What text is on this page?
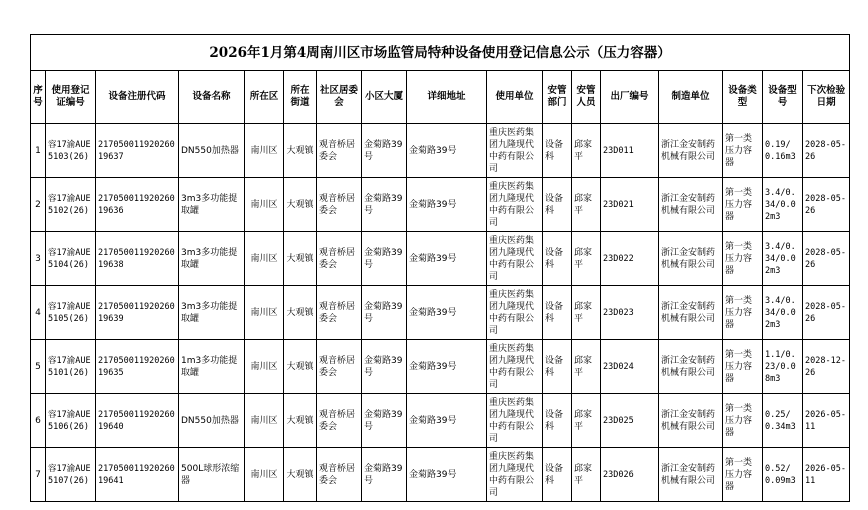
2026年1月第4周南川区市场监管局特种设备使用登记信息公示（压力容器）																
序号	使用登记证编号	设备注册代码	设备名称	所在区	所在街道	社区居委会	小区大厦	详细地址	使用单位	安管部门	安管人员	出厂编号	制造单位	设备类型	设备型号	下次检验日期
1	容17渝AUE5103(26)	21705001192026019637	DN550加热器	南川区	大观镇	观音桥居委会	金菊路39号	金菊路39号	重庆医药集团九隆现代中药有限公司	设备科	邱家平	23D011	浙江金安制药机械有限公司	第一类压力容器	0.19/0.16m3	2028-05-26
2	容17渝AUE5102(26)	21705001192026019636	3m3多功能提取罐	南川区	大观镇	观音桥居委会	金菊路39号	金菊路39号	重庆医药集团九隆现代中药有限公司	设备科	邱家平	23D021	浙江金安制药机械有限公司	第一类压力容器	3.4/0.34/0.02m3	2028-05-26
3	容17渝AUE5104(26)	21705001192026019638	3m3多功能提取罐	南川区	大观镇	观音桥居委会	金菊路39号	金菊路39号	重庆医药集团九隆现代中药有限公司	设备科	邱家平	23D022	浙江金安制药机械有限公司	第一类压力容器	3.4/0.34/0.02m3	2028-05-26
4	容17渝AUE5105(26)	21705001192026019639	3m3多功能提取罐	南川区	大观镇	观音桥居委会	金菊路39号	金菊路39号	重庆医药集团九隆现代中药有限公司	设备科	邱家平	23D023	浙江金安制药机械有限公司	第一类压力容器	3.4/0.34/0.02m3	2028-05-26
5	容17渝AUE5101(26)	21705001192026019635	1m3多功能提取罐	南川区	大观镇	观音桥居委会	金菊路39号	金菊路39号	重庆医药集团九隆现代中药有限公司	设备科	邱家平	23D024	浙江金安制药机械有限公司	第一类压力容器	1.1/0.23/0.08m3	2028-12-26
6	容17渝AUE5106(26)	21705001192026019640	DN550加热器	南川区	大观镇	观音桥居委会	金菊路39号	金菊路39号	重庆医药集团九隆现代中药有限公司	设备科	邱家平	23D025	浙江金安制药机械有限公司	第一类压力容器	0.25/0.34m3	2026-05-11
7	容17渝AUE5107(26)	21705001192026019641	500L球形浓缩器	南川区	大观镇	观音桥居委会	金菊路39号	金菊路39号	重庆医药集团九隆现代中药有限公司	设备科	邱家平	23D026	浙江金安制药机械有限公司	第一类压力容器	0.52/0.09m3	2026-05-11
